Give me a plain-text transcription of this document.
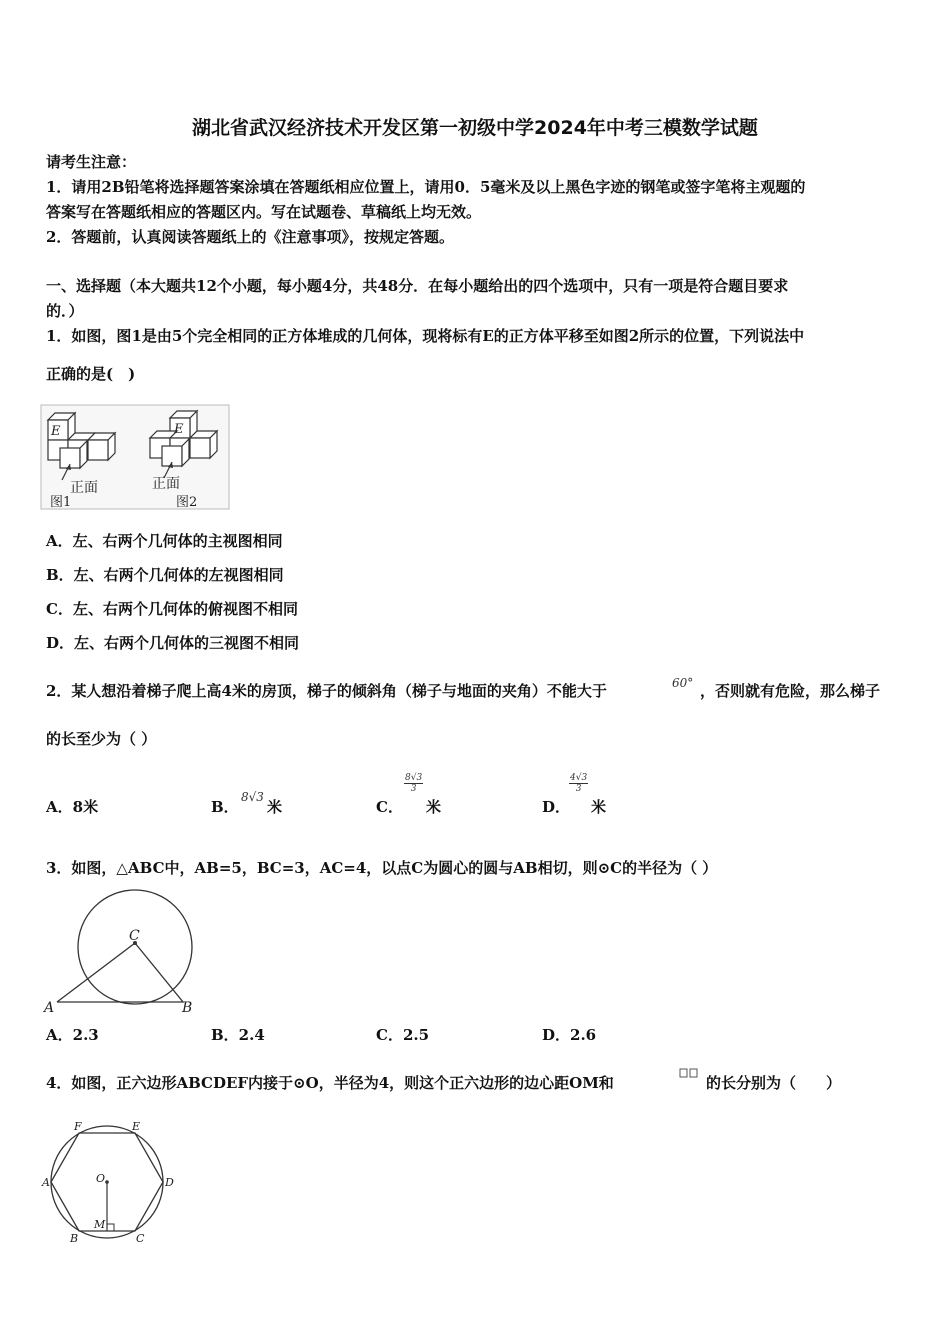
湖北省武汉经济技术开发区第一初级中学2024年中考三模数学试题
请考生注意：
1．请用2B铅笔将选择题答案涂填在答题纸相应位置上，请用0．5毫米及以上黑色字迹的钢笔或签字笔将主观题的
答案写在答题纸相应的答题区内。写在试题卷、草稿纸上均无效。
2．答题前，认真阅读答题纸上的《注意事项》，按规定答题。
一、选择题（本大题共12个小题，每小题4分，共48分．在每小题给出的四个选项中，只有一项是符合题目要求
的．）
1．如图，图1是由5个完全相同的正方体堆成的几何体，现将标有E的正方体平移至如图2所示的位置，下列说法中
正确的是(　)
E
正面
图1
E
正面
图2
A．左、右两个几何体的主视图相同
B．左、右两个几何体的左视图相同
C．左、右两个几何体的俯视图不相同
D．左、右两个几何体的三视图不相同
2．某人想沿着梯子爬上高4米的房顶，梯子的倾斜角（梯子与地面的夹角）不能大于	60° ，否则就有危险，那么梯子
的长至少为（ ）
A．8米	B．
8√3
米	C．
$\frac{8√3}{3}$
米	D．
$\frac{4√3}{3}$
米
3．如图，△ABC中，AB=5，BC=3，AC=4，以点C为圆心的圆与AB相切，则⊙C的半径为（ ）
C
A	B
A．2.3	B．2.4	C．2.5	D．2.6
4．如图，正六边形ABCDEF内接于⊙O，半径为4，则这个正六边形的边心距OM和	的长分别为（　　）
F	E
A	D
O
M
B	C
